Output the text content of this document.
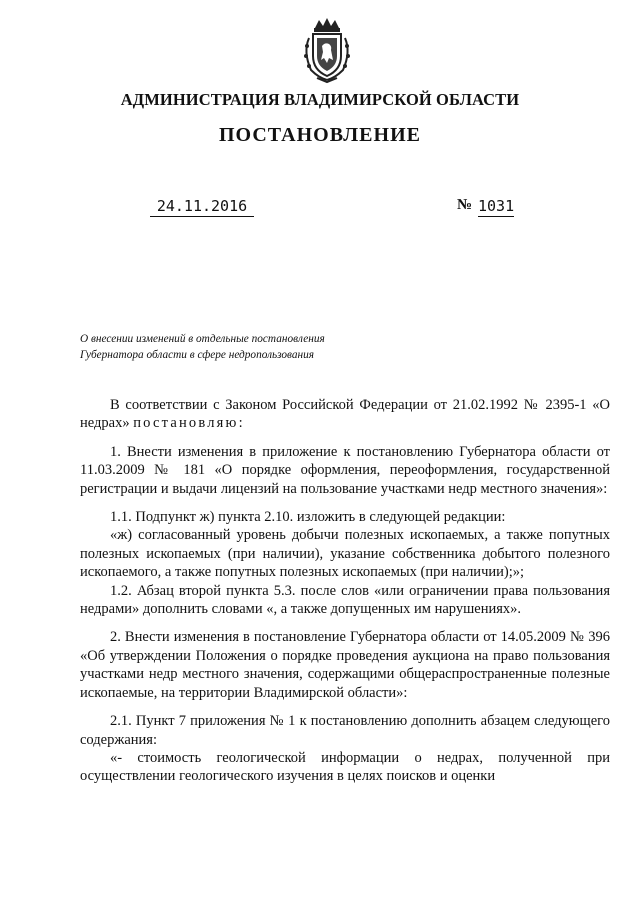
АДМИНИСТРАЦИЯ ВЛАДИМИРСКОЙ ОБЛАСТИ
ПОСТАНОВЛЕНИЕ
24.11.2016	№ 1031
О внесении изменений в отдельные постановления
Губернатора области в сфере недропользования

В соответствии с Законом Российской Федерации от 21.02.1992 № 2395-1 «О недрах» постановляю:

1. Внести изменения в приложение к постановлению Губернатора области от 11.03.2009 № 181 «О порядке оформления, переоформления, государственной регистрации и выдачи лицензий на пользование участками недр местного значения»:

1.1. Подпункт ж) пункта 2.10. изложить в следующей редакции:

«ж) согласованный уровень добычи полезных ископаемых, а также попутных полезных ископаемых (при наличии), указание собственника добытого полезного ископаемого, а также попутных полезных ископаемых (при наличии);»;

1.2. Абзац второй пункта 5.3. после слов «или ограничении права пользования недрами» дополнить словами «, а также допущенных им нарушениях».

2. Внести изменения в постановление Губернатора области от 14.05.2009 № 396 «Об утверждении Положения о порядке проведения аукциона на право пользования участками недр местного значения, содержащими общераспространенные полезные ископаемые, на территории Владимирской области»:

2.1. Пункт 7 приложения № 1 к постановлению дополнить абзацем следующего содержания:

«- стоимость геологической информации о недрах, полученной при осуществлении геологического изучения в целях поисков и оценки
